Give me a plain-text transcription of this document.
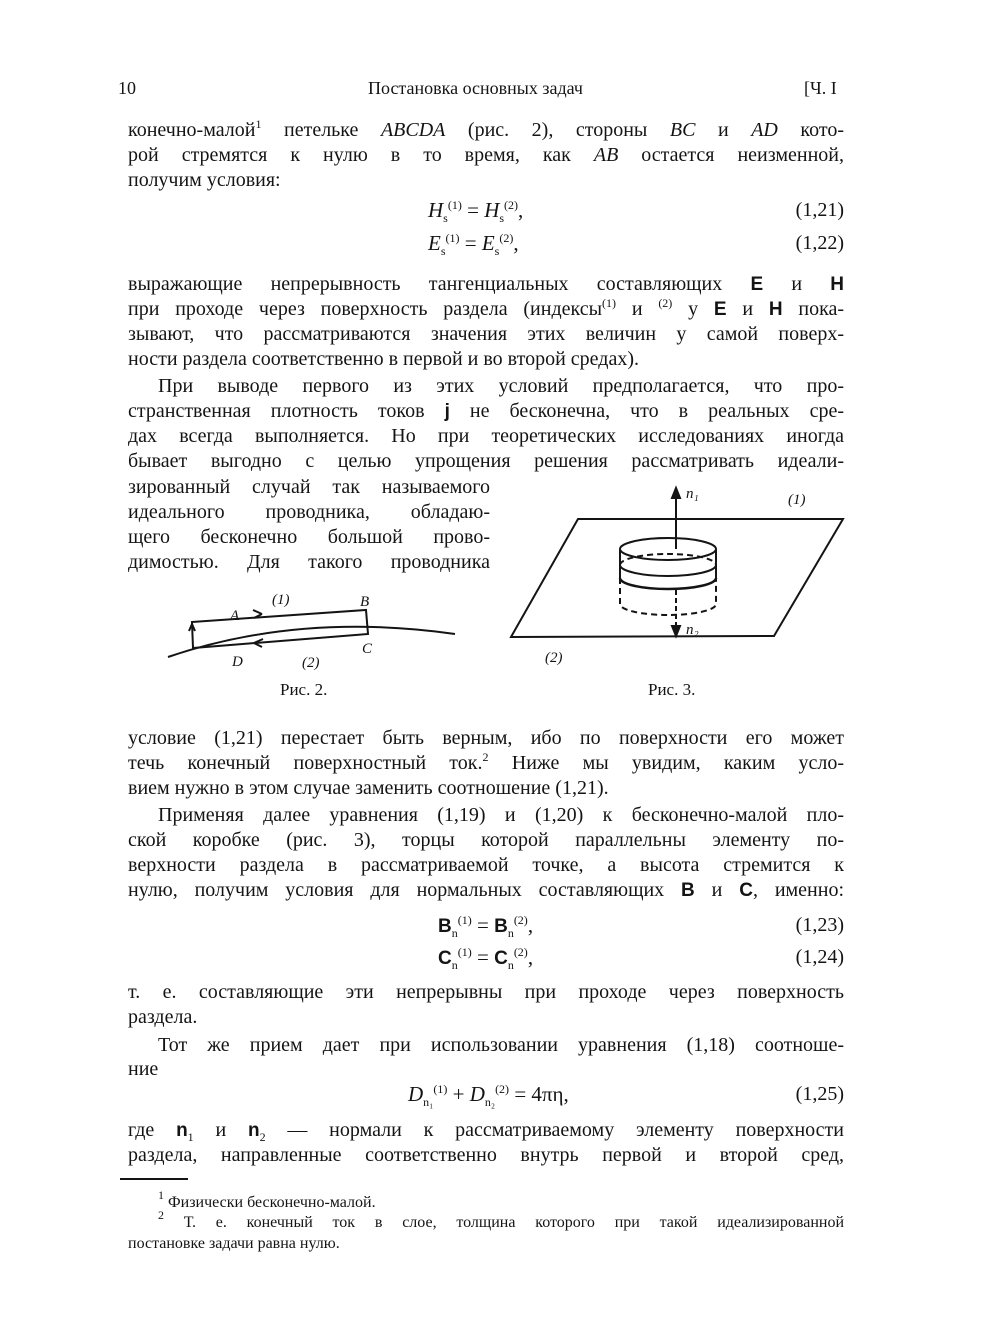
10	Постановка основных задач	[Ч. I
конечно-малой$^1$ петельке ABCDA (рис. 2), стороны BC и AD кото-
рой стремятся к нулю в то время, как AB остается неизменной,
получим условия:
$H_s^{(1)} = H_s^{(2)}$,	(1,21)
$E_s^{(1)} = E_s^{(2)}$,	(1,22)
выражающие непрерывность тангенциальных составляющих E и H
при проходе через поверхность раздела (индексы$^{(1)}$ и $^{(2)}$ у E и H пока-
зывают, что рассматриваются значения этих величин у самой поверх-
ности раздела соответственно в первой и во второй средах).
При выводе первого из этих условий предполагается, что про-
странственная плотность токов j не бесконечна, что в реальных сре-
дах всегда выполняется. Но при теоретических исследованиях иногда
бывает выгодно с целью упрощения решения рассматривать идеали-
зированный случай так называемого
идеального проводника, обладаю-
щего бесконечно большой прово-
димостью. Для такого проводника
A
(1)	B
C
D	(2)
n₁	(1)
n₂
(2)
Рис. 2.	Рис. 3.
условие (1,21) перестает быть верным, ибо по поверхности его может
течь конечный поверхностный ток.$^2$ Ниже мы увидим, каким усло-
вием нужно в этом случае заменить соотношение (1,21).
Применяя далее уравнения (1,19) и (1,20) к бесконечно-малой пло-
ской коробке (рис. 3), торцы которой параллельны элементу по-
верхности раздела в рассматриваемой точке, а высота стремится к
нулю, получим условия для нормальных составляющих B и C, именно:
$B_n^{(1)} = B_n^{(2)}$,	(1,23)
$C_n^{(1)} = C_n^{(2)}$,	(1,24)
т. е. составляющие эти непрерывны при проходе через поверхность
раздела.
Тот же прием дает при использовании уравнения (1,18) соотноше-
ние
$D_{n_1}^{(1)} + D_{n_2}^{(2)} = 4\pi\eta$,	(1,25)
где $n_1$ и $n_2$ — нормали к рассматриваемому элементу поверхности
раздела, направленные соответственно внутрь первой и второй сред,
$^1$ Физически бесконечно-малой.
$^2$ Т. е. конечный ток в слое, толщина которого при такой идеализированной
постановке задачи равна нулю.
